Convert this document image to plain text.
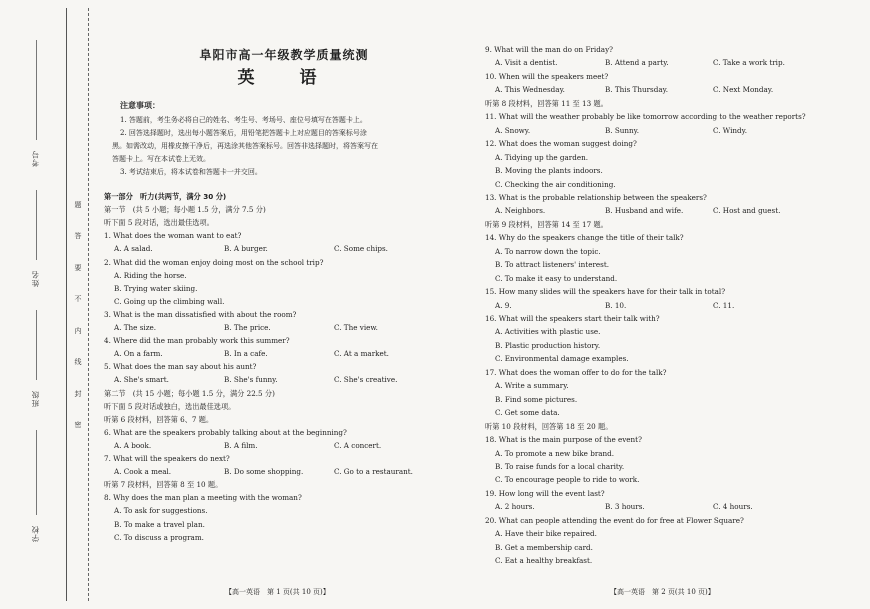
考号
姓名
班级
学校
题
答
要
不
内
线
封
密
阜阳市高一年级教学质量统测
英　语
注意事项：
1. 答题前，考生务必将自己的姓名、考生号、考场号、座位号填写在答题卡上。
2. 回答选择题时，选出每小题答案后，用铅笔把答题卡上对应题目的答案标号涂
黑。如需改动，用橡皮擦干净后，再选涂其他答案标号。回答非选择题时，将答案写在
答题卡上。写在本试卷上无效。
3. 考试结束后，将本试卷和答题卡一并交回。
第一部分　听力(共两节，满分 30 分)
第一节　(共 5 小题；每小题 1.5 分，满分 7.5 分)
听下面 5 段对话，选出最佳选项。
1. What does the woman want to eat?
A. A salad.	B. A burger.	C. Some chips.
2. What did the woman enjoy doing most on the school trip?
A. Riding the horse.
B. Trying water skiing.
C. Going up the climbing wall.
3. What is the man dissatisfied with about the room?
A. The size.	B. The price.	C. The view.
4. Where did the man probably work this summer?
A. On a farm.	B. In a cafe.	C. At a market.
5. What does the man say about his aunt?
A. She's smart.	B. She's funny.	C. She's creative.
第二节　(共 15 小题；每小题 1.5 分，满分 22.5 分)
听下面 5 段对话或独白，选出最佳选项。
听第 6 段材料，回答第 6、7 题。
6. What are the speakers probably talking about at the beginning?
A. A book.	B. A film.	C. A concert.
7. What will the speakers do next?
A. Cook a meal.	B. Do some shopping.	C. Go to a restaurant.
听第 7 段材料，回答第 8 至 10 题。
8. Why does the man plan a meeting with the woman?
A. To ask for suggestions.
B. To make a travel plan.
C. To discuss a program.
9. What will the man do on Friday?
A. Visit a dentist.	B. Attend a party.	C. Take a work trip.
10. When will the speakers meet?
A. This Wednesday.	B. This Thursday.	C. Next Monday.
听第 8 段材料，回答第 11 至 13 题。
11. What will the weather probably be like tomorrow according to the weather reports?
A. Snowy.	B. Sunny.	C. Windy.
12. What does the woman suggest doing?
A. Tidying up the garden.
B. Moving the plants indoors.
C. Checking the air conditioning.
13. What is the probable relationship between the speakers?
A. Neighbors.	B. Husband and wife.	C. Host and guest.
听第 9 段材料，回答第 14 至 17 题。
14. Why do the speakers change the title of their talk?
A. To narrow down the topic.
B. To attract listeners' interest.
C. To make it easy to understand.
15. How many slides will the speakers have for their talk in total?
A. 9.	B. 10.	C. 11.
16. What will the speakers start their talk with?
A. Activities with plastic use.
B. Plastic production history.
C. Environmental damage examples.
17. What does the woman offer to do for the talk?
A. Write a summary.
B. Find some pictures.
C. Get some data.
听第 10 段材料，回答第 18 至 20 题。
18. What is the main purpose of the event?
A. To promote a new bike brand.
B. To raise funds for a local charity.
C. To encourage people to ride to work.
19. How long will the event last?
A. 2 hours.	B. 3 hours.	C. 4 hours.
20. What can people attending the event do for free at Flower Square?
A. Have their bike repaired.
B. Get a membership card.
C. Eat a healthy breakfast.
【高一英语　第 1 页(共 10 页)】	【高一英语　第 2 页(共 10 页)】
